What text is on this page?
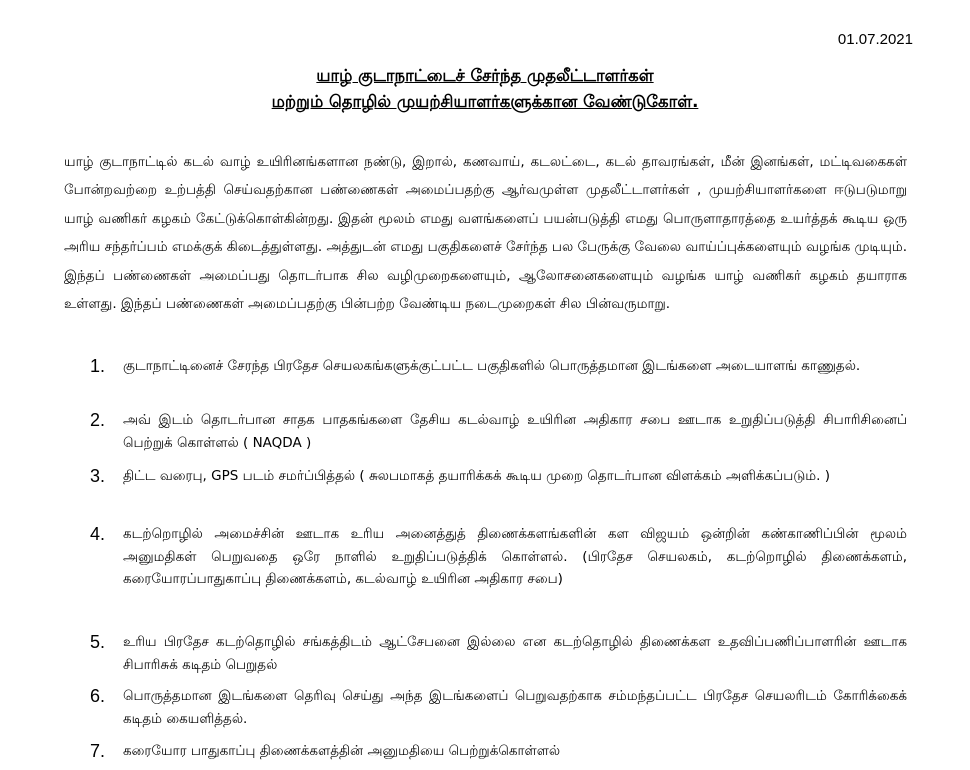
01.07.2021
யாழ் குடாநாட்டைச் சேர்ந்த முதலீட்டாளர்கள்
மற்றும் தொழில் முயற்சியாளர்களுக்கான வேண்டுகோள்.

யாழ் குடாநாட்டில் கடல் வாழ் உயிரினங்களான நண்டு, இறால், கணவாய், கடலட்டை, கடல் தாவரங்கள், மீன் இனங்கள், மட்டிவகைகள் போன்றவற்றை உற்பத்தி செய்வதற்கான பண்ணைகள் அமைப்பதற்கு ஆர்வமுள்ள முதலீட்டாளர்கள் , முயற்சியாளர்களை ஈடுபடுமாறு யாழ் வணிகர் கழகம் கேட்டுக்கொள்கின்றது. இதன் மூலம் எமது வளங்களைப் பயன்படுத்தி எமது பொருளாதாரத்தை உயர்த்தக் கூடிய ஒரு அரிய சந்தர்ப்பம் எமக்குக் கிடைத்துள்ளது. அத்துடன் எமது பகுதிகளைச் சேர்ந்த பல பேருக்கு வேலை வாய்ப்புக்களையும் வழங்க முடியும். இந்தப் பண்ணைகள் அமைப்பது தொடர்பாக சில வழிமுறைகளையும், ஆலோசனைகளையும் வழங்க யாழ் வணிகர் கழகம் தயாராக உள்ளது. இந்தப் பண்ணைகள் அமைப்பதற்கு பின்பற்ற வேண்டிய நடைமுறைகள் சில பின்வருமாறு.

1.	குடாநாட்டினைச் சேரந்த பிரதேச செயலகங்களுக்குட்பட்ட பகுதிகளில் பொருத்தமான இடங்களை அடையாளங் காணுதல்.
2.	அவ் இடம் தொடர்பான சாதக பாதகங்களை தேசிய கடல்வாழ் உயிரின அதிகார சபை ஊடாக உறுதிப்படுத்தி சிபாரிசினைப் பெற்றுக் கொள்ளல் ( NAQDA )
3.	திட்ட வரைபு, GPS படம் சமர்ப்பித்தல் ( சுலபமாகத் தயாரிக்கக் கூடிய முறை தொடர்பான விளக்கம் அளிக்கப்படும். )
4.	கடற்றொழில் அமைச்சின் ஊடாக உரிய அனைத்துத் திணைக்களங்களின் கள விஜயம் ஒன்றின் கண்காணிப்பின் மூலம் அனுமதிகள் பெறுவதை ஒரே நாளில் உறுதிப்படுத்திக் கொள்ளல். (பிரதேச செயலகம், கடற்றொழில் திணைக்களம், கரையோரப்பாதுகாப்பு திணைக்களம், கடல்வாழ் உயிரின அதிகார சபை)
5.	உரிய பிரதேச கடற்தொழில் சங்கத்திடம் ஆட்சேபனை இல்லை என கடற்தொழில் திணைக்கள உதவிப்பணிப்பாளரின் ஊடாக சிபாரிசுக் கடிதம் பெறுதல்
6.	பொருத்தமான இடங்களை தெரிவு செய்து அந்த இடங்களைப் பெறுவதற்காக சம்மந்தப்பட்ட பிரதேச செயலரிடம் கோரிக்கைக் கடிதம் கையளித்தல்.
7.	கரையோர பாதுகாப்பு திணைக்களத்தின் அனுமதியை பெற்றுக்கொள்ளல்
